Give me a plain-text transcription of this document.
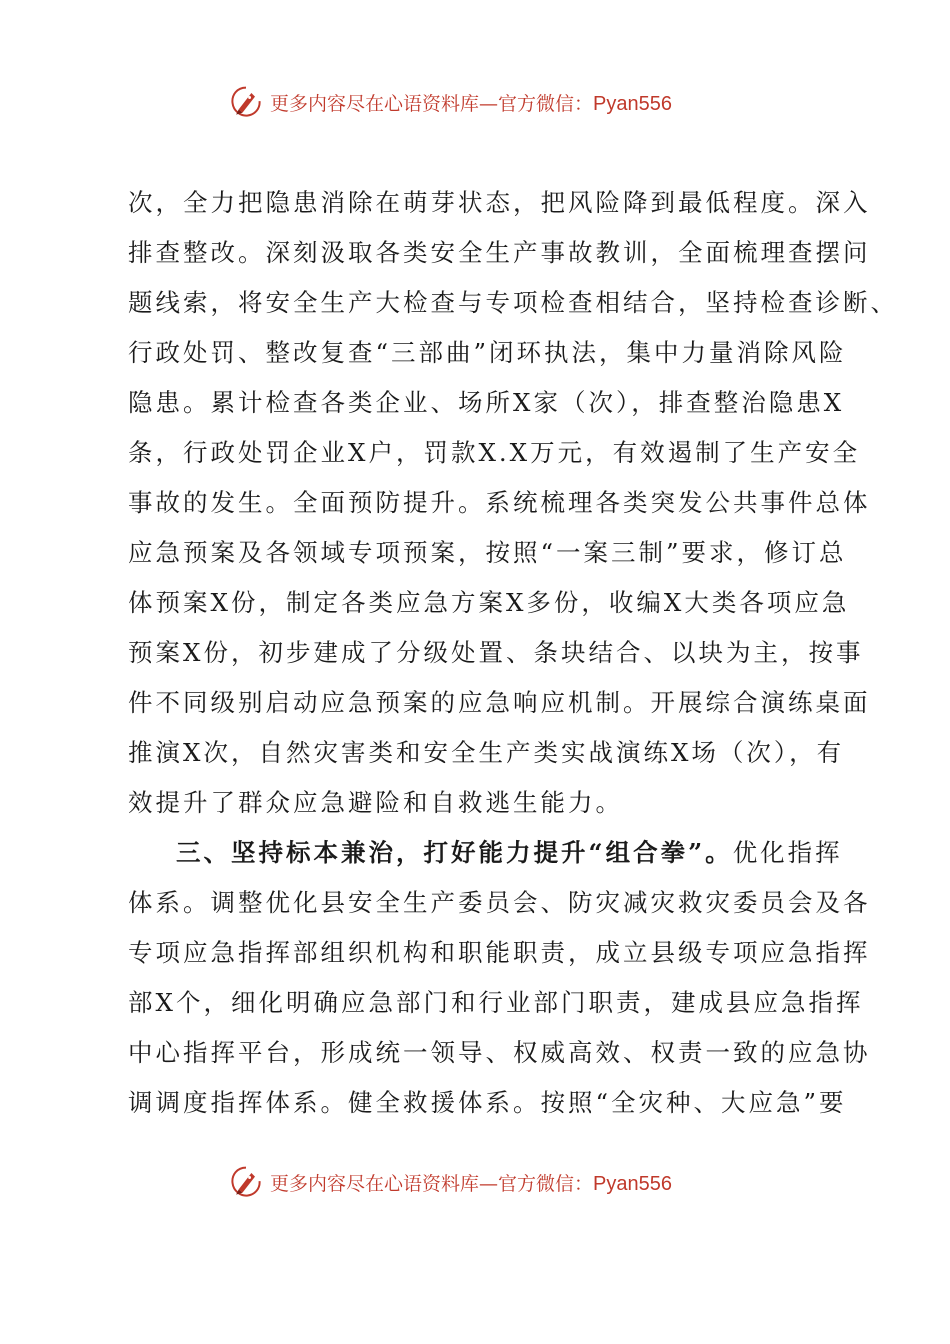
更多内容尽在心语资料库—官方微信：Pyan556
次，全力把隐患消除在萌芽状态，把风险降到最低程度。深入
排查整改。深刻汲取各类安全生产事故教训，全面梳理查摆问
题线索，将安全生产大检查与专项检查相结合，坚持检查诊断、
行政处罚、整改复查“三部曲”闭环执法，集中力量消除风险
隐患。累计检查各类企业、场所X家（次），排查整治隐患X
条，行政处罚企业X户，罚款X.X万元，有效遏制了生产安全
事故的发生。全面预防提升。系统梳理各类突发公共事件总体
应急预案及各领域专项预案，按照“一案三制”要求，修订总
体预案X份，制定各类应急方案X多份，收编X大类各项应急
预案X份，初步建成了分级处置、条块结合、以块为主，按事
件不同级别启动应急预案的应急响应机制。开展综合演练桌面
推演X次，自然灾害类和安全生产类实战演练X场（次），有
效提升了群众应急避险和自救逃生能力。
三、坚持标本兼治，打好能力提升“组合拳”。优化指挥
体系。调整优化县安全生产委员会、防灾减灾救灾委员会及各
专项应急指挥部组织机构和职能职责，成立县级专项应急指挥
部X个，细化明确应急部门和行业部门职责，建成县应急指挥
中心指挥平台，形成统一领导、权威高效、权责一致的应急协
调调度指挥体系。健全救援体系。按照“全灾种、大应急”要
更多内容尽在心语资料库—官方微信：Pyan556
